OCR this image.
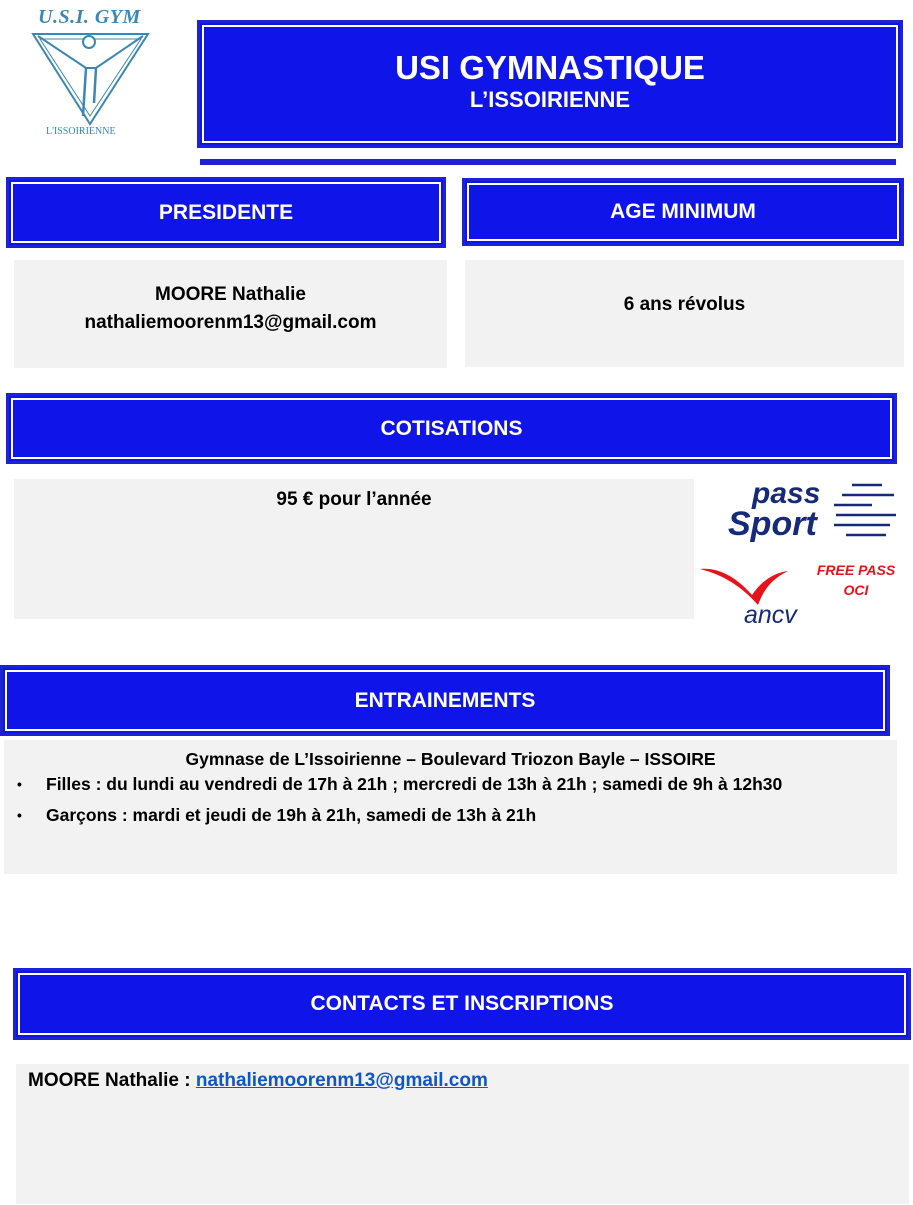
U.S.I. GYM
L'ISSOIRIENNE
USI GYMNASTIQUE
L’ISSOIRIENNE
PRESIDENTE
MOORE Nathalie
nathaliemoorenm13@gmail.com
AGE MINIMUM
6 ans révolus
COTISATIONS
95 € pour l’année	pass
Sport
ancv
FREE PASS
OCI
ENTRAINEMENTS
Gymnase de L’Issoirienne – Boulevard Triozon Bayle – ISSOIRE
• Filles : du lundi au vendredi de 17h à 21h ; mercredi de 13h à 21h ; samedi de 9h à 12h30
• Garçons : mardi et jeudi de 19h à 21h, samedi de 13h à 21h
CONTACTS ET INSCRIPTIONS
MOORE Nathalie : nathaliemoorenm13@gmail.com
